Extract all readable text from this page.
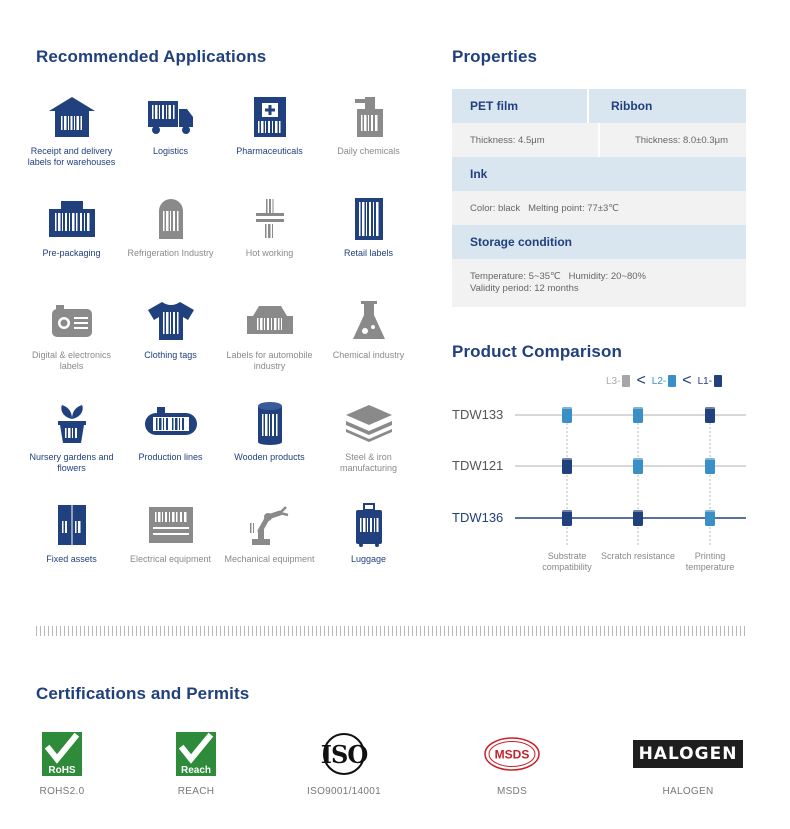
Recommended Applications
Receipt and delivery labels for warehouses
Logistics	Pharmaceuticals	Daily chemicals
Pre-packaging	Refrigeration Industry	Hot working	Retail labels
Digital & electronics labels
Clothing tags	Labels for automobile industry
Chemical industry
Nursery gardens and flowers
Production lines	Wooden products	Steel & iron manufacturing
Fixed assets	Electrical equipment	Mechanical equipment	Luggage
Properties
PET film	Ribbon
Thickness: 4.5μm	Thickness: 8.0±0.3μm
Ink
Color: black   Melting point: 77±3℃
Storage condition
Temperature: 5~35℃   Humidity: 20~80%
Validity period: 12 months
Product Comparison
L3- < L2- < L1-
TDW133
TDW121
TDW136
Substrate compatibility
Scratch resistance	Printing temperature
Certifications and Permits
RoHS
ROHS2.0
Reach
REACH
ISO
ISO9001/14001
MSDS
MSDS
HALOGEN
HALOGEN
